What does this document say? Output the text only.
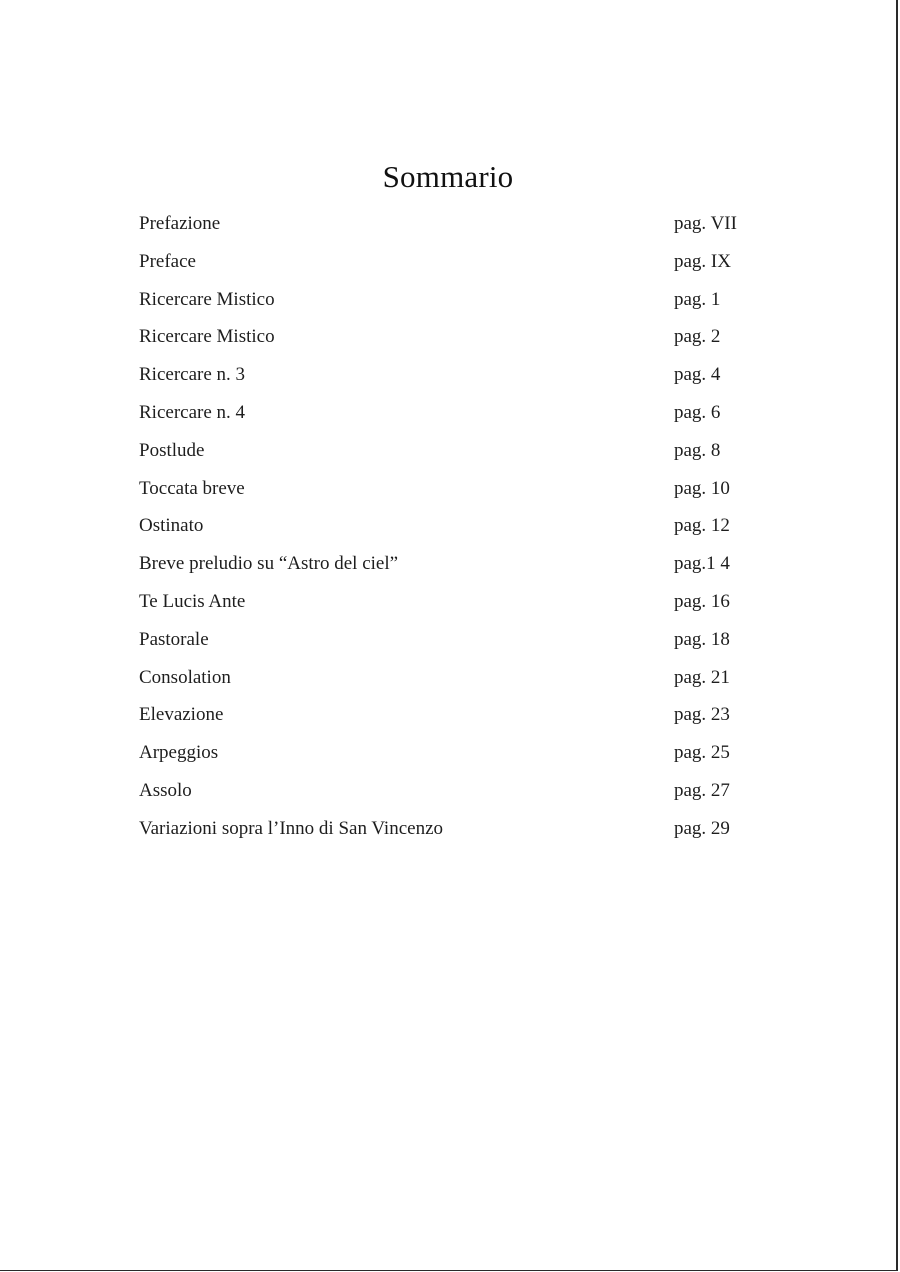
Sommario
Prefazione	pag. VII
Preface	pag. IX
Ricercare Mistico	pag. 1
Ricercare Mistico	pag. 2
Ricercare n. 3	pag. 4
Ricercare n. 4	pag. 6
Postlude	pag. 8
Toccata breve	pag. 10
Ostinato	pag. 12
Breve preludio su “Astro del ciel”	pag.1 4
Te Lucis Ante	pag. 16
Pastorale	pag. 18
Consolation	pag. 21
Elevazione	pag. 23
Arpeggios	pag. 25
Assolo	pag. 27
Variazioni sopra l’Inno di San Vincenzo	pag. 29
